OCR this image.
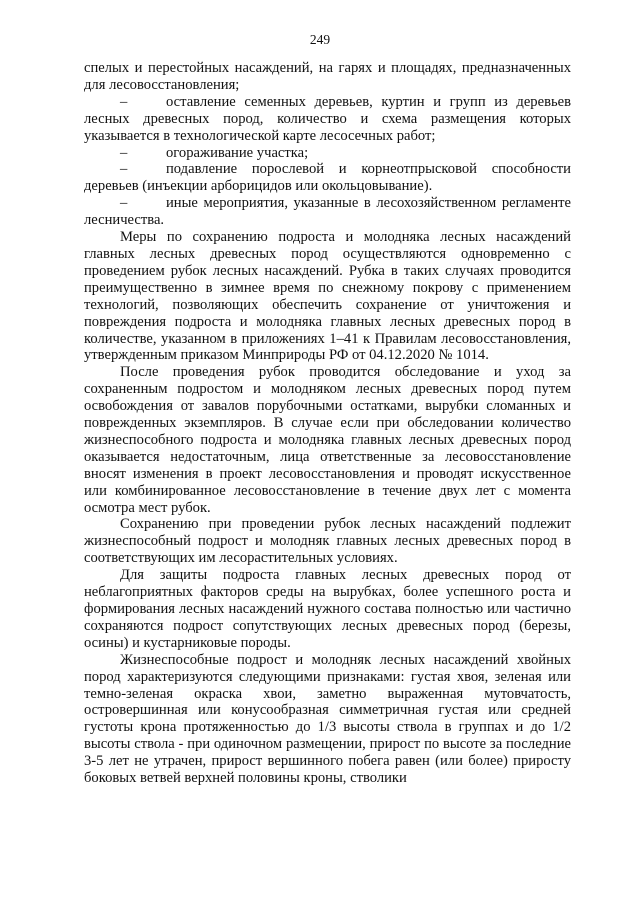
249

спелых и перестойных насаждений, на гарях и площадях, предназначенных для лесовосстановления;

–	оставление семенных деревьев, куртин и групп из деревьев лесных древесных пород, количество и схема размещения которых указывается в технологической карте лесосечных работ;

–	огораживание участка;

–	подавление порослевой и корнеотпрысковой способности деревьев (инъекции арборицидов или окольцовывание).

–	иные мероприятия, указанные в лесохозяйственном регламенте лесничества.

Меры по сохранению подроста и молодняка лесных насаждений главных лесных древесных пород осуществляются одновременно с проведением рубок лесных насаждений. Рубка в таких случаях проводится преимущественно в зимнее время по снежному покрову с применением технологий, позволяющих обеспечить сохранение от уничтожения и повреждения подроста и молодняка главных лесных древесных пород в количестве, указанном в приложениях 1–41 к Правилам лесовосстановления, утвержденным приказом Минприроды РФ от 04.12.2020 № 1014.

После проведения рубок проводится обследование и уход за сохраненным подростом и молодняком лесных древесных пород путем освобождения от завалов порубочными остатками, вырубки сломанных и поврежденных экземпляров. В случае если при обследовании количество жизнеспособного подроста и молодняка главных лесных древесных пород оказывается недостаточным, лица ответственные за лесовосстановление вносят изменения в проект лесовосстановления и проводят искусственное или комбинированное лесовосстановление в течение двух лет с момента осмотра мест рубок.

Сохранению при проведении рубок лесных насаждений подлежит жизнеспособный подрост и молодняк главных лесных древесных пород в соответствующих им лесорастительных условиях.

Для защиты подроста главных лесных древесных пород от неблагоприятных факторов среды на вырубках, более успешного роста и формирования лесных насаждений нужного состава полностью или частично сохраняются подрост сопутствующих лесных древесных пород (березы, осины) и кустарниковые породы.

Жизнеспособные подрост и молодняк лесных насаждений хвойных пород характеризуются следующими признаками: густая хвоя, зеленая или темно-зеленая окраска хвои, заметно выраженная мутовчатость, островершинная или конусообразная симметричная густая или средней густоты крона протяженностью до 1/3 высоты ствола в группах и до 1/2 высоты ствола - при одиночном размещении, прирост по высоте за последние 3-5 лет не утрачен, прирост вершинного побега равен (или более) приросту боковых ветвей верхней половины кроны, стволики
